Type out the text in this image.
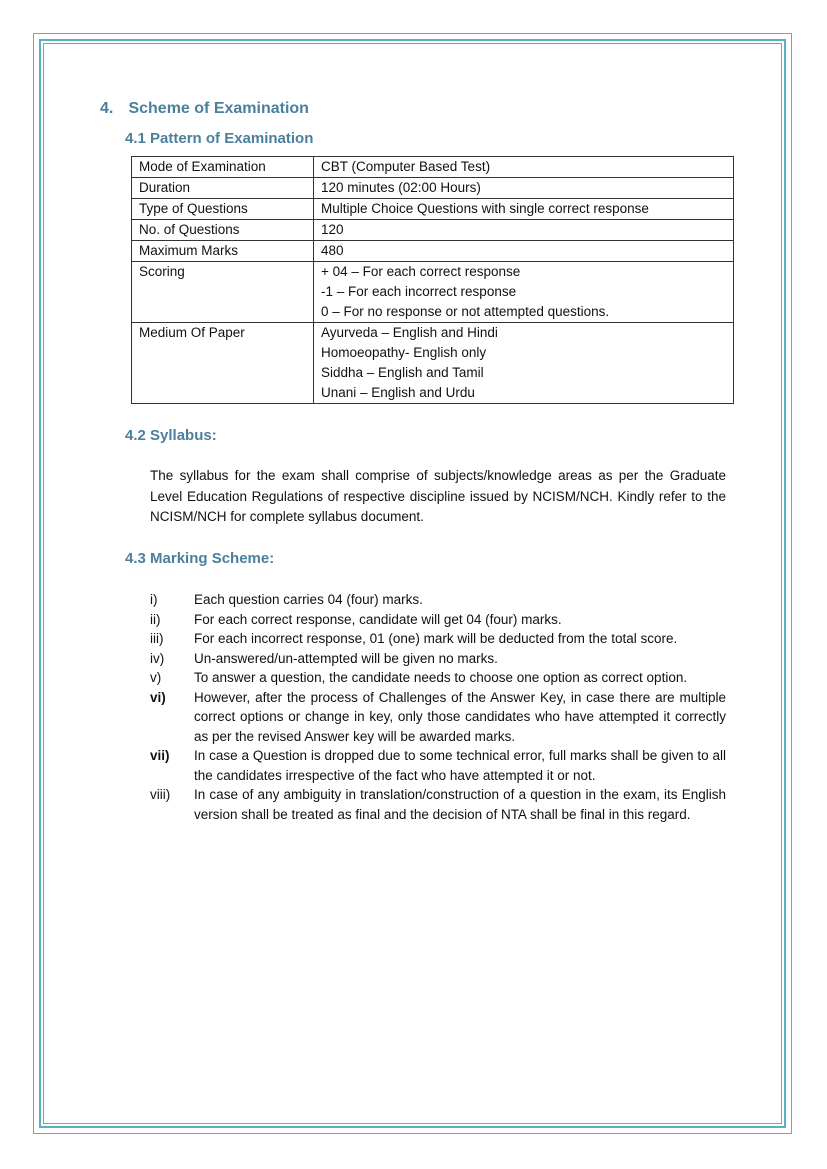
4. Scheme of Examination
4.1 Pattern of Examination
Mode of Examination	CBT (Computer Based Test)

Duration	120 minutes (02:00 Hours)

Type of Questions	Multiple Choice Questions with single correct response

No. of Questions	120

Maximum Marks	480

Scoring	+ 04 – For each correct response
-1 – For each incorrect response
0 – For no response or not attempted questions.

Medium Of Paper	Ayurveda – English and Hindi
Homoeopathy- English only
Siddha – English and Tamil
Unani – English and Urdu
4.2 Syllabus:
The syllabus for the exam shall comprise of subjects/knowledge areas as per the Graduate Level Education Regulations of respective discipline issued by NCISM/NCH. Kindly refer to the NCISM/NCH for complete syllabus document.
4.3 Marking Scheme:
i)	Each question carries 04 (four) marks.
ii)	For each correct response, candidate will get 04 (four) marks.
iii)	For each incorrect response, 01 (one) mark will be deducted from the total score.
iv)	Un-answered/un-attempted will be given no marks.
v)	To answer a question, the candidate needs to choose one option as correct option.
vi)	However, after the process of Challenges of the Answer Key, in case there are multiple correct options or change in key, only those candidates who have attempted it correctly as per the revised Answer key will be awarded marks.
vii)	In case a Question is dropped due to some technical error, full marks shall be given to all the candidates irrespective of the fact who have attempted it or not.
viii)	In case of any ambiguity in translation/construction of a question in the exam, its English version shall be treated as final and the decision of NTA shall be final in this regard.
